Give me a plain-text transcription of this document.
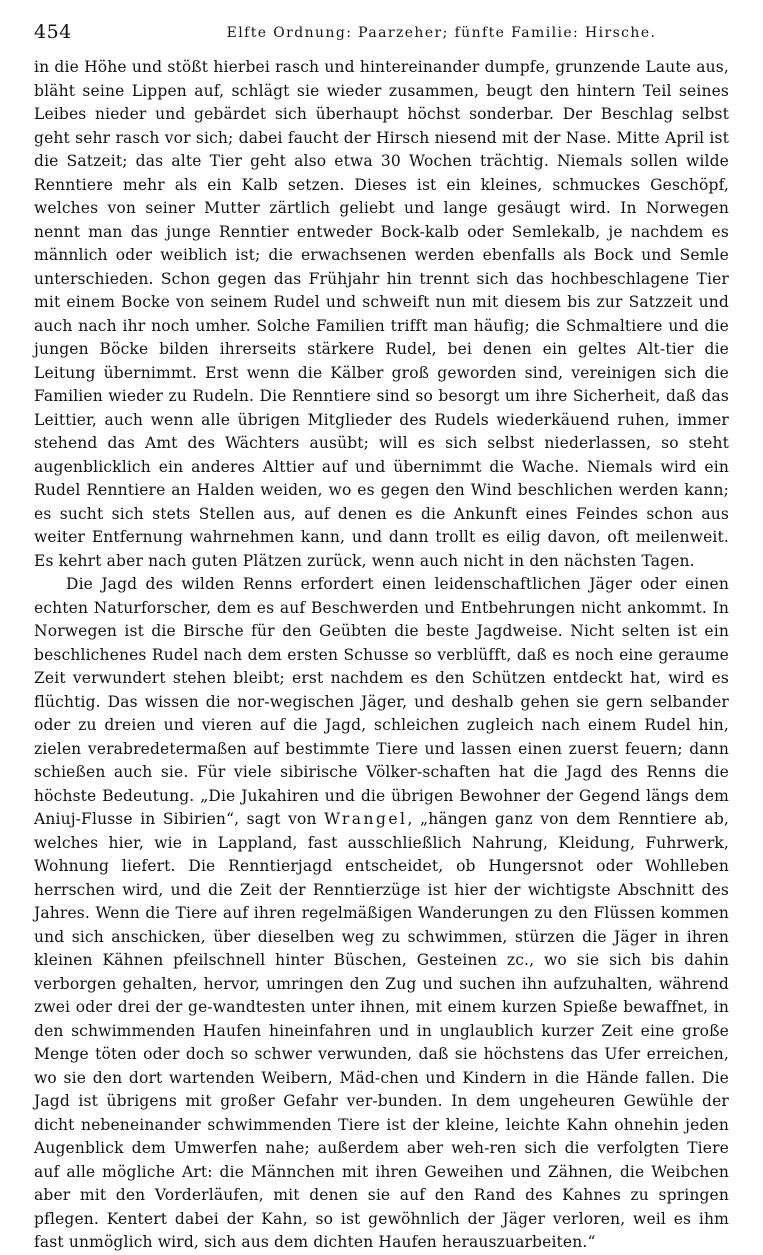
454	Elfte Ordnung: Paarzeher; fünfte Familie: Hirsche.

in die Höhe und stößt hierbei rasch und hintereinander dumpfe, grunzende Laute aus, bläht seine Lippen auf, schlägt sie wieder zusammen, beugt den hintern Teil seines Leibes nieder und gebärdet sich überhaupt höchst sonderbar. Der Beschlag selbst geht sehr rasch vor sich; dabei faucht der Hirsch niesend mit der Nase. Mitte April ist die Satzeit; das alte Tier geht also etwa 30 Wochen trächtig. Niemals sollen wilde Renntiere mehr als ein Kalb setzen. Dieses ist ein kleines, schmuckes Geschöpf, welches von seiner Mutter zärtlich geliebt und lange gesäugt wird. In Norwegen nennt man das junge Renntier entweder Bock-kalb oder Semlekalb, je nachdem es männlich oder weiblich ist; die erwachsenen werden ebenfalls als Bock und Semle unterschieden. Schon gegen das Frühjahr hin trennt sich das hochbeschlagene Tier mit einem Bocke von seinem Rudel und schweift nun mit diesem bis zur Satzzeit und auch nach ihr noch umher. Solche Familien trifft man häufig; die Schmaltiere und die jungen Böcke bilden ihrerseits stärkere Rudel, bei denen ein geltes Alt-tier die Leitung übernimmt. Erst wenn die Kälber groß geworden sind, vereinigen sich die Familien wieder zu Rudeln. Die Renntiere sind so besorgt um ihre Sicherheit, daß das Leittier, auch wenn alle übrigen Mitglieder des Rudels wiederkäuend ruhen, immer stehend das Amt des Wächters ausübt; will es sich selbst niederlassen, so steht augenblicklich ein anderes Alttier auf und übernimmt die Wache. Niemals wird ein Rudel Renntiere an Halden weiden, wo es gegen den Wind beschlichen werden kann; es sucht sich stets Stellen aus, auf denen es die Ankunft eines Feindes schon aus weiter Entfernung wahrnehmen kann, und dann trollt es eilig davon, oft meilenweit. Es kehrt aber nach guten Plätzen zurück, wenn auch nicht in den nächsten Tagen.

Die Jagd des wilden Renns erfordert einen leidenschaftlichen Jäger oder einen echten Naturforscher, dem es auf Beschwerden und Entbehrungen nicht ankommt. In Norwegen ist die Birsche für den Geübten die beste Jagdweise. Nicht selten ist ein beschlichenes Rudel nach dem ersten Schusse so verblüfft, daß es noch eine geraume Zeit verwundert stehen bleibt; erst nachdem es den Schützen entdeckt hat, wird es flüchtig. Das wissen die nor-wegischen Jäger, und deshalb gehen sie gern selbander oder zu dreien und vieren auf die Jagd, schleichen zugleich nach einem Rudel hin, zielen verabredetermaßen auf bestimmte Tiere und lassen einen zuerst feuern; dann schießen auch sie. Für viele sibirische Völker-schaften hat die Jagd des Renns die höchste Bedeutung. „Die Jukahiren und die übrigen Bewohner der Gegend längs dem Aniuj-Flusse in Sibirien“, sagt von Wrangel, „hängen ganz von dem Renntiere ab, welches hier, wie in Lappland, fast ausschließlich Nahrung, Kleidung, Fuhrwerk, Wohnung liefert. Die Renntierjagd entscheidet, ob Hungersnot oder Wohlleben herrschen wird, und die Zeit der Renntierzüge ist hier der wichtigste Abschnitt des Jahres. Wenn die Tiere auf ihren regelmäßigen Wanderungen zu den Flüssen kommen und sich anschicken, über dieselben weg zu schwimmen, stürzen die Jäger in ihren kleinen Kähnen pfeilschnell hinter Büschen, Gesteinen zc., wo sie sich bis dahin verborgen gehalten, hervor, umringen den Zug und suchen ihn aufzuhalten, während zwei oder drei der ge-wandtesten unter ihnen, mit einem kurzen Spieße bewaffnet, in den schwimmenden Haufen hineinfahren und in unglaublich kurzer Zeit eine große Menge töten oder doch so schwer verwunden, daß sie höchstens das Ufer erreichen, wo sie den dort wartenden Weibern, Mäd-chen und Kindern in die Hände fallen. Die Jagd ist übrigens mit großer Gefahr ver-bunden. In dem ungeheuren Gewühle der dicht nebeneinander schwimmenden Tiere ist der kleine, leichte Kahn ohnehin jeden Augenblick dem Umwerfen nahe; außerdem aber weh-ren sich die verfolgten Tiere auf alle mögliche Art: die Männchen mit ihren Geweihen und Zähnen, die Weibchen aber mit den Vorderläufen, mit denen sie auf den Rand des Kahnes zu springen pflegen. Kentert dabei der Kahn, so ist gewöhnlich der Jäger verloren, weil es ihm fast unmöglich wird, sich aus dem dichten Haufen herauszuarbeiten.“
